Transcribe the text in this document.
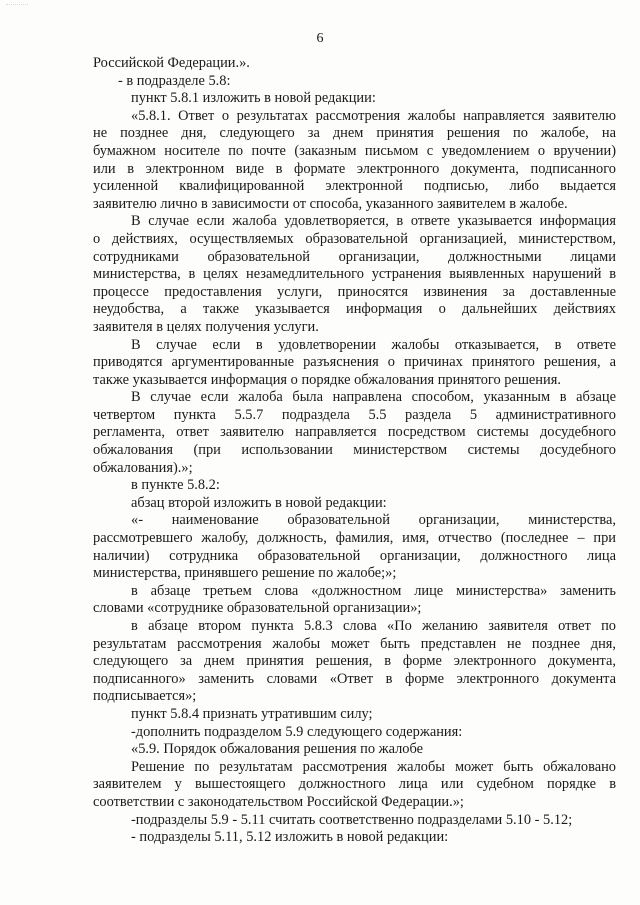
6
Российской Федерации.».
- в подразделе 5.8:
пункт 5.8.1 изложить в новой редакции:
«5.8.1. Ответ о результатах рассмотрения жалобы направляется заявителю
не позднее дня, следующего за днем принятия решения по жалобе, на
бумажном носителе по почте (заказным письмом с уведомлением о вручении)
или в электронном виде в формате электронного документа, подписанного
усиленной квалифицированной электронной подписью, либо выдается
заявителю лично в зависимости от способа, указанного заявителем в жалобе.
В случае если жалоба удовлетворяется, в ответе указывается информация
о действиях, осуществляемых образовательной организацией, министерством,
сотрудниками образовательной организации, должностными лицами
министерства, в целях незамедлительного устранения выявленных нарушений в
процессе предоставления услуги, приносятся извинения за доставленные
неудобства, а также указывается информация о дальнейших действиях
заявителя в целях получения услуги.
В случае если в удовлетворении жалобы отказывается, в ответе
приводятся аргументированные разъяснения о причинах принятого решения, а
также указывается информация о порядке обжалования принятого решения.
В случае если жалоба была направлена способом, указанным в абзаце
четвертом пункта 5.5.7 подраздела 5.5 раздела 5 административного
регламента, ответ заявителю направляется посредством системы досудебного
обжалования (при использовании министерством системы досудебного
обжалования).»;
в пункте 5.8.2:
абзац второй изложить в новой редакции:
«- наименование образовательной организации, министерства,
рассмотревшего жалобу, должность, фамилия, имя, отчество (последнее – при
наличии) сотрудника образовательной организации, должностного лица
министерства, принявшего решение по жалобе;»;
в абзаце третьем слова «должностном лице министерства» заменить
словами «сотруднике образовательной организации»;
в абзаце втором пункта 5.8.3 слова «По желанию заявителя ответ по
результатам рассмотрения жалобы может быть представлен не позднее дня,
следующего за днем принятия решения, в форме электронного документа,
подписанного» заменить словами «Ответ в форме электронного документа
подписывается»;
пункт 5.8.4 признать утратившим силу;
-дополнить подразделом 5.9 следующего содержания:
«5.9. Порядок обжалования решения по жалобе
Решение по результатам рассмотрения жалобы может быть обжаловано
заявителем у вышестоящего должностного лица или судебном порядке в
соответствии с законодательством Российской Федерации.»;
-подразделы 5.9 - 5.11 считать соответственно подразделами 5.10 - 5.12;
- подразделы 5.11, 5.12 изложить в новой редакции:
